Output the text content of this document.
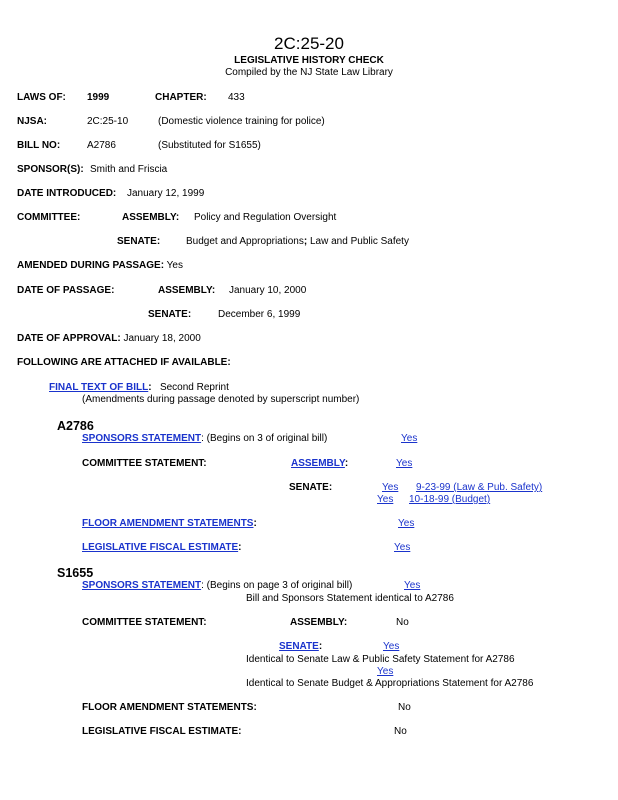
2C:25-20
LEGISLATIVE HISTORY CHECK
Compiled by the NJ State Law Library
LAWS OF: 1999	CHAPTER: 433
NJSA:	2C:25-10	(Domestic violence training for police)
BILL NO:	A2786	(Substituted for S1655)
SPONSOR(S): Smith and Friscia
DATE INTRODUCED: January 12, 1999
COMMITTEE:	ASSEMBLY: Policy and Regulation Oversight
SENATE:	Budget and Appropriations; Law and Public Safety
AMENDED DURING PASSAGE: Yes
DATE OF PASSAGE:	ASSEMBLY: January 10, 2000
SENATE:	December 6, 1999
DATE OF APPROVAL: January 18, 2000
FOLLOWING ARE ATTACHED IF AVAILABLE:
FINAL TEXT OF BILL: Second Reprint
(Amendments during passage denoted by superscript number)
A2786
SPONSORS STATEMENT: (Begins on 3 of original bill)	Yes
COMMITTEE STATEMENT:	ASSEMBLY:	Yes
SENATE:	Yes 9-23-99 (Law & Pub. Safety)
Yes 10-18-99 (Budget)
FLOOR AMENDMENT STATEMENTS:	Yes
LEGISLATIVE FISCAL ESTIMATE:	Yes
S1655
SPONSORS STATEMENT: (Begins on page 3 of original bill)	Yes
Bill and Sponsors Statement identical to A2786
COMMITTEE STATEMENT:	ASSEMBLY:	No
SENATE:	Yes
Identical to Senate Law & Public Safety Statement for A2786
Yes
Identical to Senate Budget & Appropriations Statement for A2786
FLOOR AMENDMENT STATEMENTS:	No
LEGISLATIVE FISCAL ESTIMATE:	No
